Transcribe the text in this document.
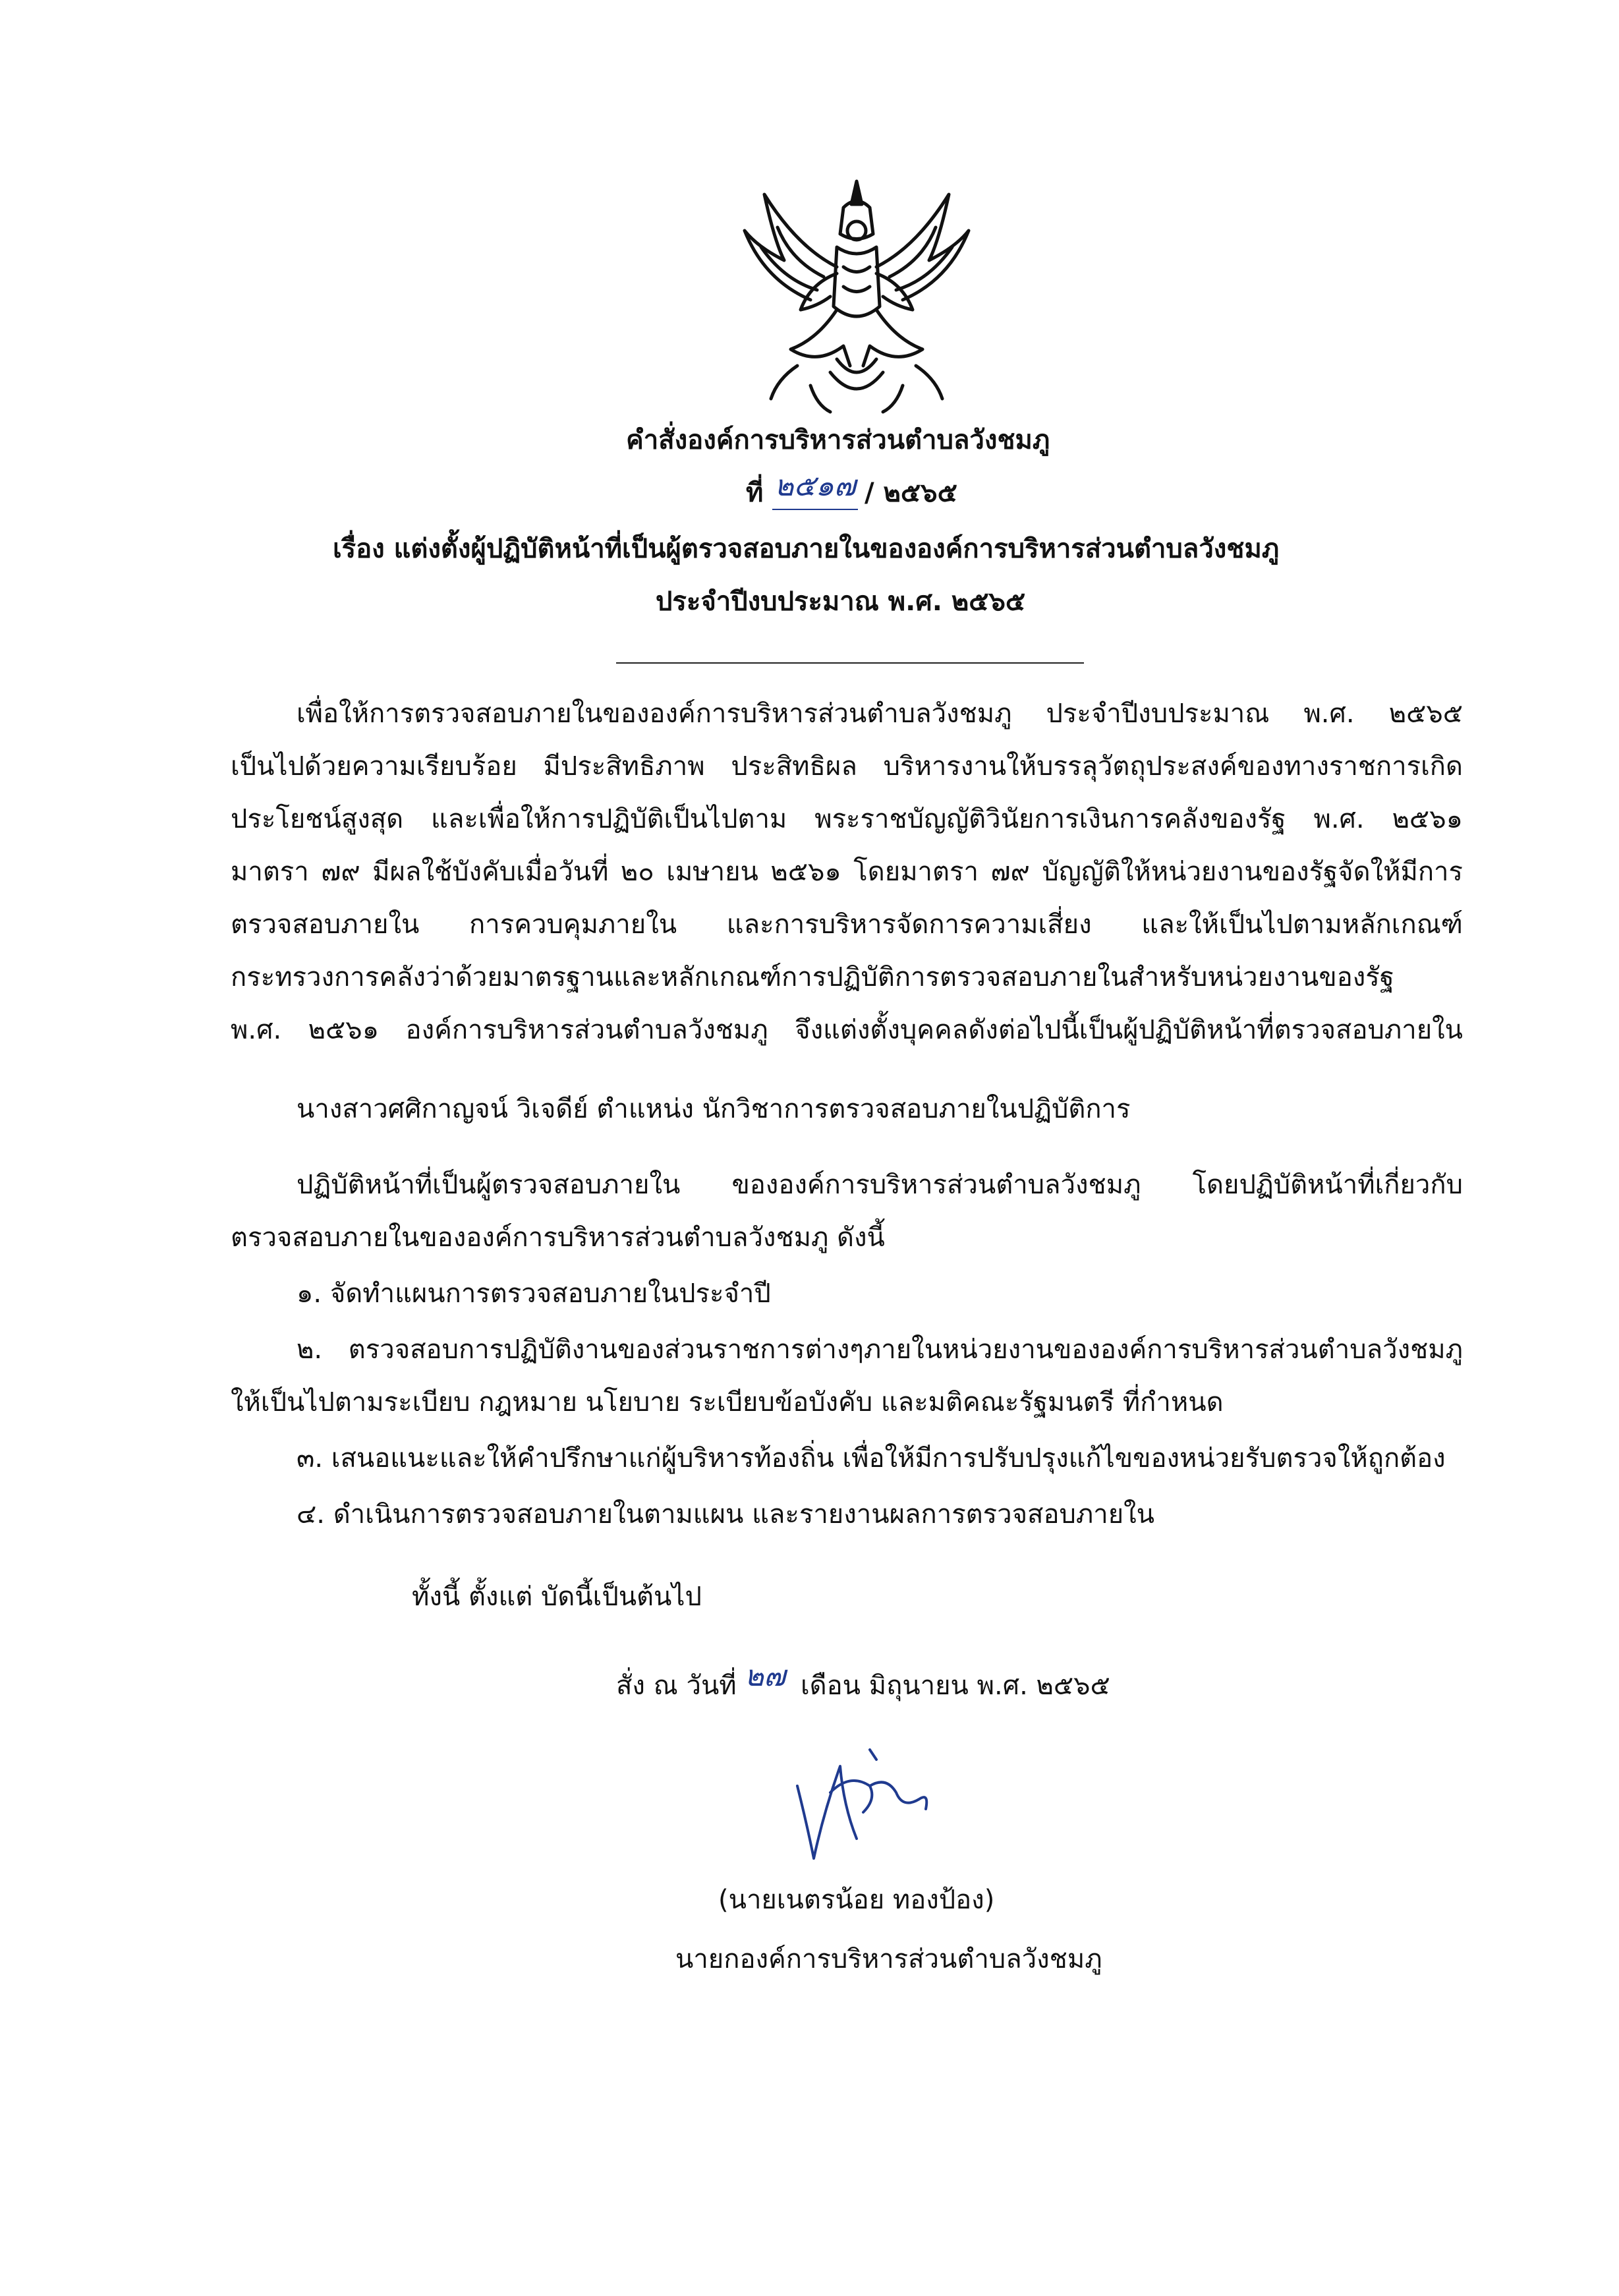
คำสั่งองค์การบริหารส่วนตำบลวังชมภู
ที่ ๒๕๑๗ / ๒๕๖๕
เรื่อง แต่งตั้งผู้ปฏิบัติหน้าที่เป็นผู้ตรวจสอบภายในขององค์การบริหารส่วนตำบลวังชมภู
ประจำปีงบประมาณ พ.ศ. ๒๕๖๕
เพื่อให้การตรวจสอบภายในขององค์การบริหารส่วนตำบลวังชมภู ประจำปีงบประมาณ พ.ศ. ๒๕๖๕
เป็นไปด้วยความเรียบร้อย มีประสิทธิภาพ ประสิทธิผล บริหารงานให้บรรลุวัตถุประสงค์ของทางราชการเกิด
ประโยชน์สูงสุด และเพื่อให้การปฏิบัติเป็นไปตาม พระราชบัญญัติวินัยการเงินการคลังของรัฐ พ.ศ. ๒๕๖๑
มาตรา ๗๙ มีผลใช้บังคับเมื่อวันที่ ๒๐ เมษายน ๒๕๖๑ โดยมาตรา ๗๙ บัญญัติให้หน่วยงานของรัฐจัดให้มีการ
ตรวจสอบภายใน การควบคุมภายใน และการบริหารจัดการความเสี่ยง และให้เป็นไปตามหลักเกณฑ์
กระทรวงการคลังว่าด้วยมาตรฐานและหลักเกณฑ์การปฏิบัติการตรวจสอบภายในสำหรับหน่วยงานของรัฐ
พ.ศ. ๒๕๖๑ องค์การบริหารส่วนตำบลวังชมภู จึงแต่งตั้งบุคคลดังต่อไปนี้เป็นผู้ปฏิบัติหน้าที่ตรวจสอบภายใน
นางสาวศศิกาญจน์ วิเจดีย์ ตำแหน่ง นักวิชาการตรวจสอบภายในปฏิบัติการ
ปฏิบัติหน้าที่เป็นผู้ตรวจสอบภายใน ขององค์การบริหารส่วนตำบลวังชมภู โดยปฏิบัติหน้าที่เกี่ยวกับ
ตรวจสอบภายในขององค์การบริหารส่วนตำบลวังชมภู ดังนี้
๑. จัดทำแผนการตรวจสอบภายในประจำปี
๒. ตรวจสอบการปฏิบัติงานของส่วนราชการต่างๆภายในหน่วยงานขององค์การบริหารส่วนตำบลวังชมภู
ให้เป็นไปตามระเบียบ กฎหมาย นโยบาย ระเบียบข้อบังคับ และมติคณะรัฐมนตรี ที่กำหนด
๓. เสนอแนะและให้คำปรึกษาแก่ผู้บริหารท้องถิ่น เพื่อให้มีการปรับปรุงแก้ไขของหน่วยรับตรวจให้ถูกต้อง
๔. ดำเนินการตรวจสอบภายในตามแผน และรายงานผลการตรวจสอบภายใน
ทั้งนี้ ตั้งแต่ บัดนี้เป็นต้นไป
สั่ง ณ วันที่ ๒๗ เดือน มิถุนายน พ.ศ. ๒๕๖๕
(นายเนตรน้อย ทองป้อง)
นายกองค์การบริหารส่วนตำบลวังชมภู
